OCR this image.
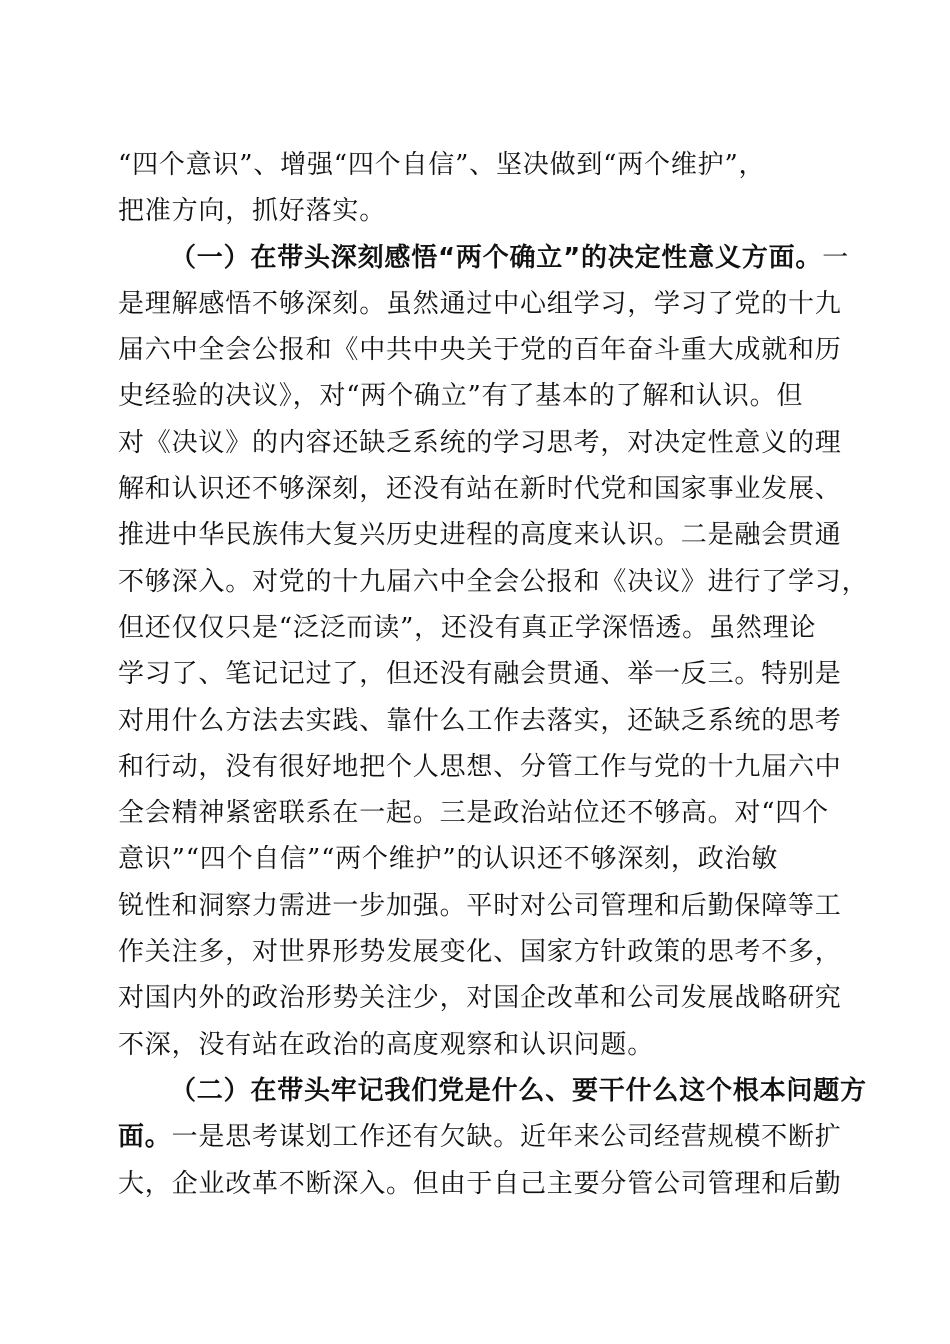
“四个意识”、增强“四个自信”、坚决做到“两个维护”，
把准方向，抓好落实。
（一）在带头深刻感悟“两个确立”的决定性意义方面。一
是理解感悟不够深刻。虽然通过中心组学习，学习了党的十九
届六中全会公报和《中共中央关于党的百年奋斗重大成就和历
史经验的决议》，对“两个确立”有了基本的了解和认识。但
对《决议》的内容还缺乏系统的学习思考，对决定性意义的理
解和认识还不够深刻，还没有站在新时代党和国家事业发展、
推进中华民族伟大复兴历史进程的高度来认识。二是融会贯通
不够深入。对党的十九届六中全会公报和《决议》进行了学习，
但还仅仅只是“泛泛而读”，还没有真正学深悟透。虽然理论
学习了、笔记记过了，但还没有融会贯通、举一反三。特别是
对用什么方法去实践、靠什么工作去落实，还缺乏系统的思考
和行动，没有很好地把个人思想、分管工作与党的十九届六中
全会精神紧密联系在一起。三是政治站位还不够高。对“四个
意识”“四个自信”“两个维护”的认识还不够深刻，政治敏
锐性和洞察力需进一步加强。平时对公司管理和后勤保障等工
作关注多，对世界形势发展变化、国家方针政策的思考不多，
对国内外的政治形势关注少，对国企改革和公司发展战略研究
不深，没有站在政治的高度观察和认识问题。
（二）在带头牢记我们党是什么、要干什么这个根本问题方
面。一是思考谋划工作还有欠缺。近年来公司经营规模不断扩
大，企业改革不断深入。但由于自己主要分管公司管理和后勤
